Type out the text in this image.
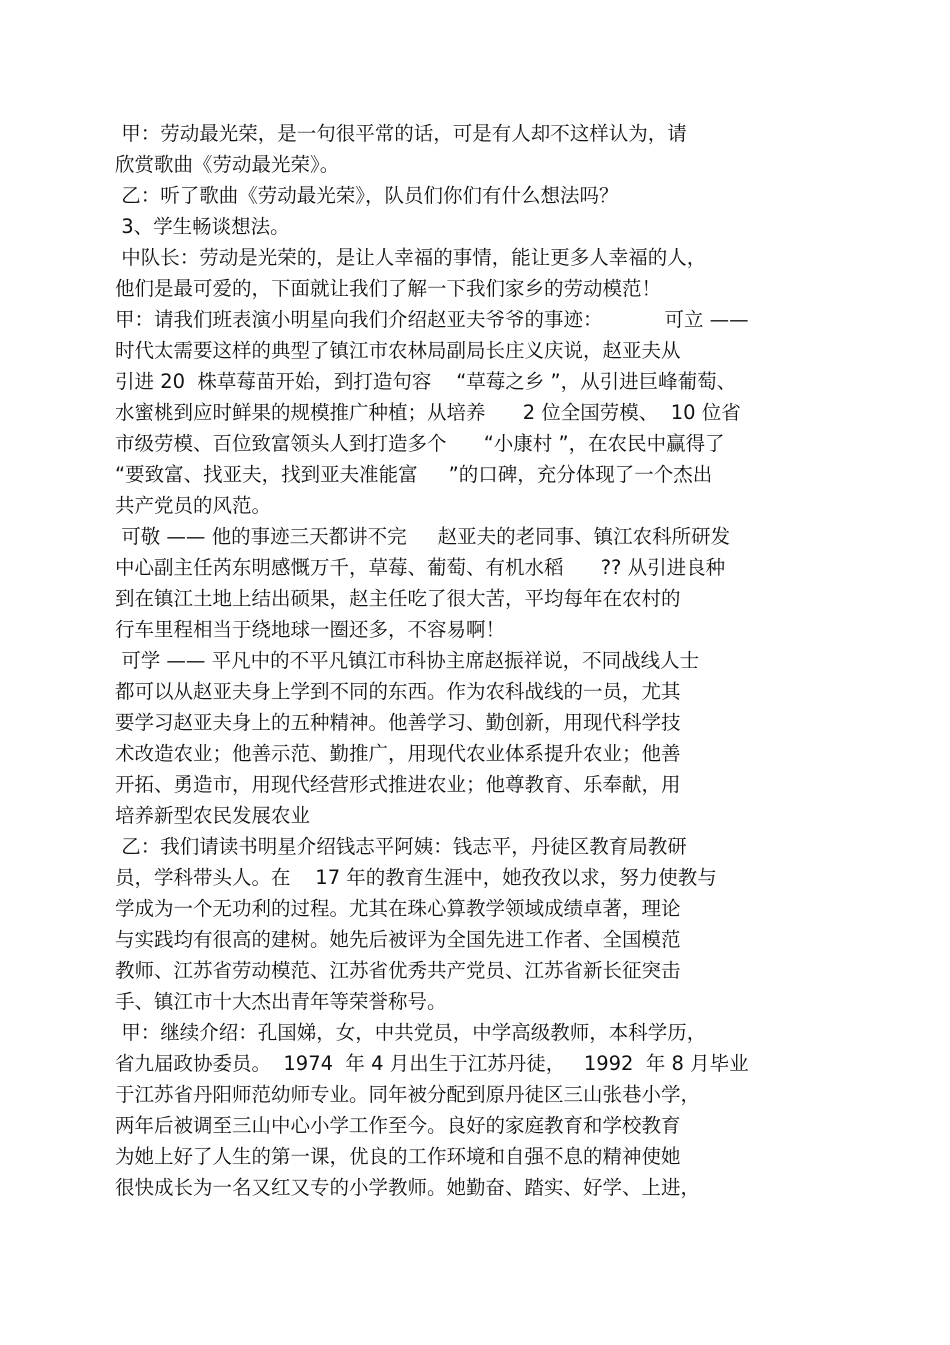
甲：劳动最光荣，是一句很平常的话，可是有人却不这样认为，请
欣赏歌曲《劳动最光荣》。
乙：听了歌曲《劳动最光荣》，队员们你们有什么想法吗？
3、学生畅谈想法。
中队长：劳动是光荣的，是让人幸福的事情，能让更多人幸福的人，
他们是最可爱的，下面就让我们了解一下我们家乡的劳动模范！
甲：请我们班表演小明星向我们介绍赵亚夫爷爷的事迹：          可立 ——
时代太需要这样的典型了镇江市农林局副局长庄义庆说，赵亚夫从
引进 20  株草莓苗开始，到打造句容    “草莓之乡 ”，从引进巨峰葡萄、
水蜜桃到应时鲜果的规模推广种植；从培养      2 位全国劳模、  10 位省
市级劳模、百位致富领头人到打造多个      “小康村 ”，在农民中赢得了
“要致富、找亚夫，找到亚夫准能富     ”的口碑，充分体现了一个杰出
共产党员的风范。
可敬 —— 他的事迹三天都讲不完     赵亚夫的老同事、镇江农科所研发
中心副主任芮东明感慨万千，草莓、葡萄、有机水稻      ?? 从引进良种
到在镇江土地上结出硕果，赵主任吃了很大苦，平均每年在农村的
行车里程相当于绕地球一圈还多，不容易啊！
可学 —— 平凡中的不平凡镇江市科协主席赵振祥说，不同战线人士
都可以从赵亚夫身上学到不同的东西。作为农科战线的一员，尤其
要学习赵亚夫身上的五种精神。他善学习、勤创新，用现代科学技
术改造农业；他善示范、勤推广，用现代农业体系提升农业；他善
开拓、勇造市，用现代经营形式推进农业；他尊教育、乐奉献，用
培养新型农民发展农业
乙：我们请读书明星介绍钱志平阿姨：钱志平，丹徒区教育局教研
员，学科带头人。在    17 年的教育生涯中，她孜孜以求，努力使教与
学成为一个无功利的过程。尤其在珠心算教学领域成绩卓著，理论
与实践均有很高的建树。她先后被评为全国先进工作者、全国模范
教师、江苏省劳动模范、江苏省优秀共产党员、江苏省新长征突击
手、镇江市十大杰出青年等荣誉称号。
甲：继续介绍：孔国娣，女，中共党员，中学高级教师，本科学历，
省九届政协委员。  1974  年 4 月出生于江苏丹徒，   1992  年 8 月毕业
于江苏省丹阳师范幼师专业。同年被分配到原丹徒区三山张巷小学，
两年后被调至三山中心小学工作至今。良好的家庭教育和学校教育
为她上好了人生的第一课，优良的工作环境和自强不息的精神使她
很快成长为一名又红又专的小学教师。她勤奋、踏实、好学、上进，
